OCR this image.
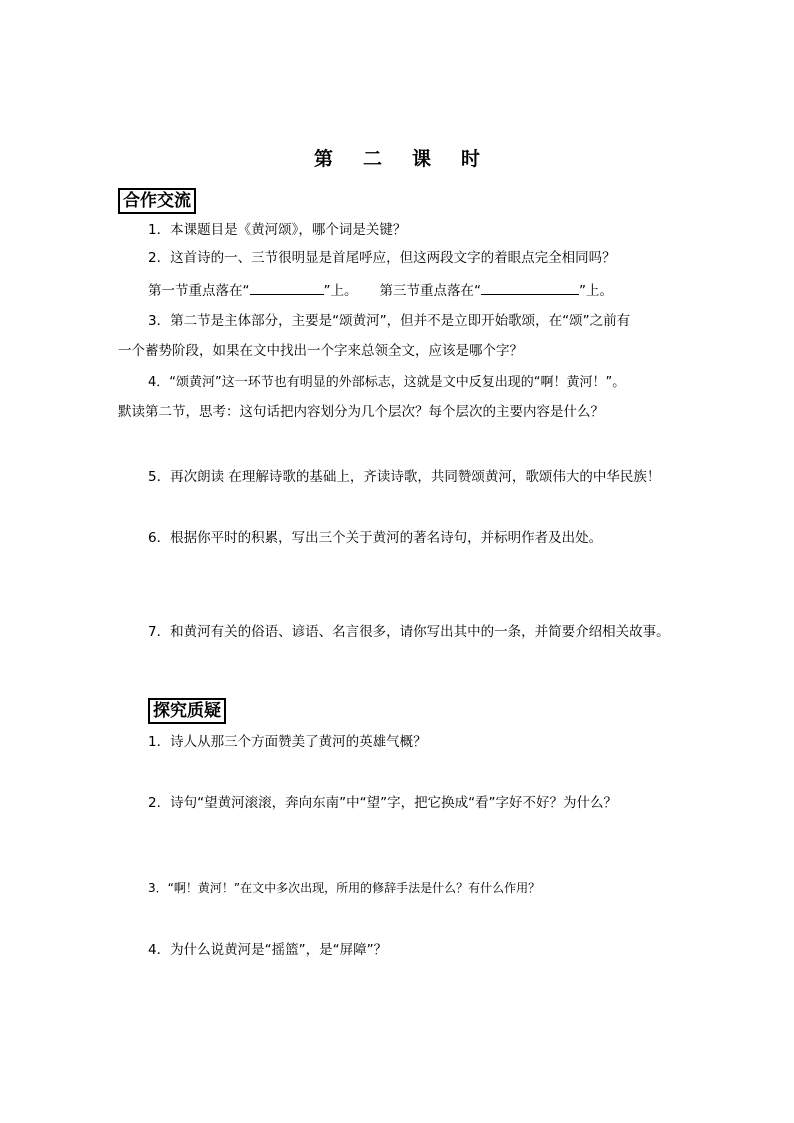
第 二 课 时
合作交流
1．本课题目是《黄河颂》，哪个词是关键？
2．这首诗的一、三节很明显是首尾呼应，但这两段文字的着眼点完全相同吗？
第一节重点落在“	”上。 第三节重点落在“	”上。
3．第二节是主体部分，主要是“颂黄河”，但并不是立即开始歌颂，在“颂”之前有
一个蓄势阶段，如果在文中找出一个字来总领全文，应该是哪个字？
4．“颂黄河”这一环节也有明显的外部标志，这就是文中反复出现的“啊！黄河！”。
默读第二节，思考：这句话把内容划分为几个层次？每个层次的主要内容是什么？
5．再次朗读 在理解诗歌的基础上，齐读诗歌，共同赞颂黄河，歌颂伟大的中华民族！
6．根据你平时的积累，写出三个关于黄河的著名诗句，并标明作者及出处。
7．和黄河有关的俗语、谚语、名言很多，请你写出其中的一条，并简要介绍相关故事。
探究质疑
1．诗人从那三个方面赞美了黄河的英雄气概？
2．诗句“望黄河滚滚，奔向东南”中“望”字，把它换成“看”字好不好？为什么？
3．“啊！黄河！”在文中多次出现，所用的修辞手法是什么？有什么作用？
4．为什么说黄河是“摇篮”，是“屏障”？
